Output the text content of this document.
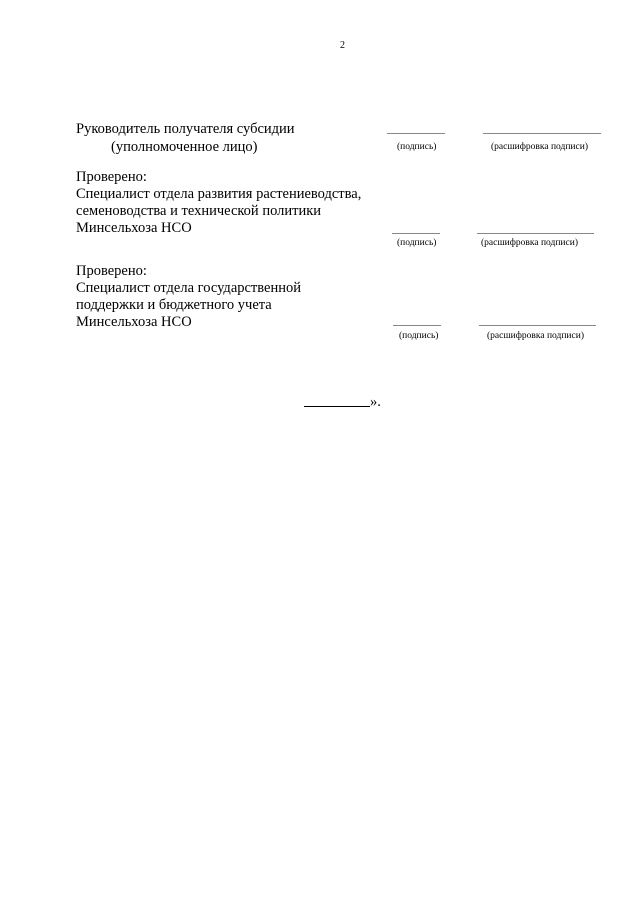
2
Руководитель получателя субсидии
(уполномоченное лицо)	(подпись)	(расшифровка подписи)
Проверено:
Специалист отдела развития растениеводства,
семеноводства и технической политики
Минсельхоза НСО
(подпись)	(расшифровка подписи)
Проверено:
Специалист отдела государственной
поддержки и бюджетного учета
Минсельхоза НСО
(подпись)	(расшифровка подписи)
».
